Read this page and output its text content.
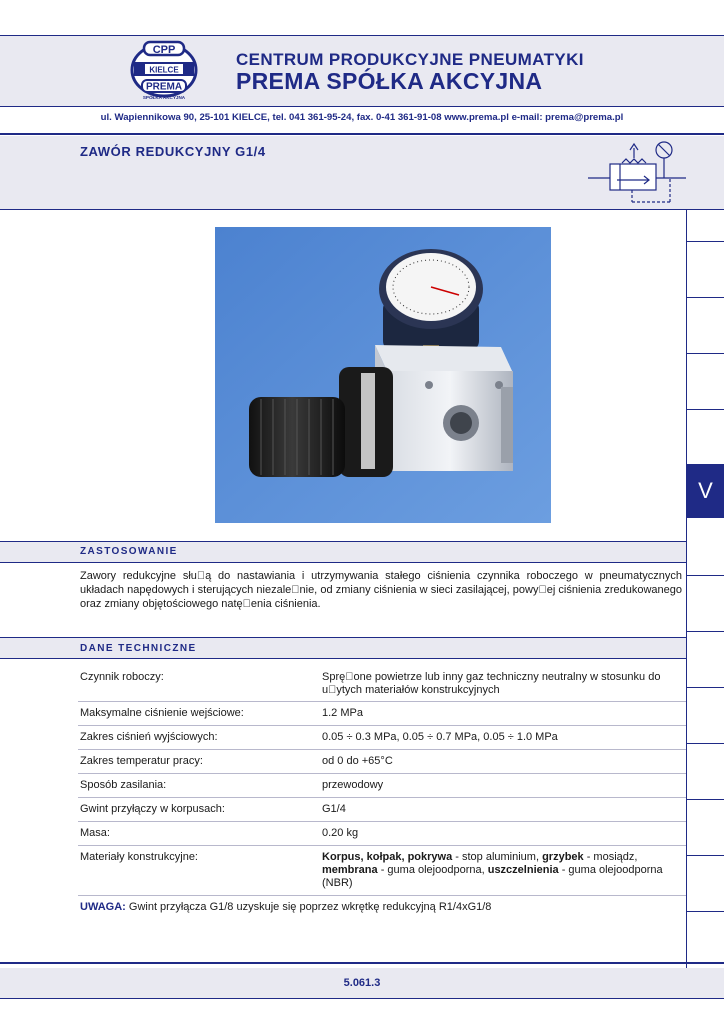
CPP
KIELCE
PREMA
SPÓŁKA AKCYJNA
CENTRUM PRODUKCYJNE PNEUMATYKI
PREMA SPÓŁKA AKCYJNA
ul. Wapiennikowa 90, 25-101 KIELCE, tel. 041 361-95-24, fax. 0-41 361-91-08 www.prema.pl e-mail: prema@prema.pl
ZAWÓR REDUKCYJNY G1/4
V
ZASTOSOWANIE
Zawory redukcyjne słu ą do nastawiania i utrzymywania stałego ciśnienia czynnika roboczego w pneumatycznych układach napędowych i sterujących niezale nie, od zmiany ciśnienia w sieci zasilającej, powy ej ciśnienia zredukowanego oraz zmiany objętościowego natę enia ciśnienia.
DANE TECHNICZNE
Czynnik roboczy:	Sprę one powietrze lub inny gaz techniczny neutralny w stosunku do u ytych materiałów konstrukcyjnych
Maksymalne ciśnienie wejściowe:	1.2 MPa
Zakres ciśnień wyjściowych:	0.05 ÷ 0.3 MPa, 0.05 ÷ 0.7 MPa, 0.05 ÷ 1.0 MPa
Zakres temperatur pracy:	od 0 do +65°C
Sposób zasilania:	przewodowy
Gwint przyłączy w korpusach:	G1/4
Masa:	0.20 kg
Materiały konstrukcyjne:	Korpus, kołpak, pokrywa - stop aluminium, grzybek - mosiądz, membrana - guma olejoodporna, uszczelnienia - guma olejoodporna (NBR)
UWAGA: Gwint przyłącza G1/8 uzyskuje się poprzez wkrętkę redukcyjną R1/4xG1/8
5.061.3
